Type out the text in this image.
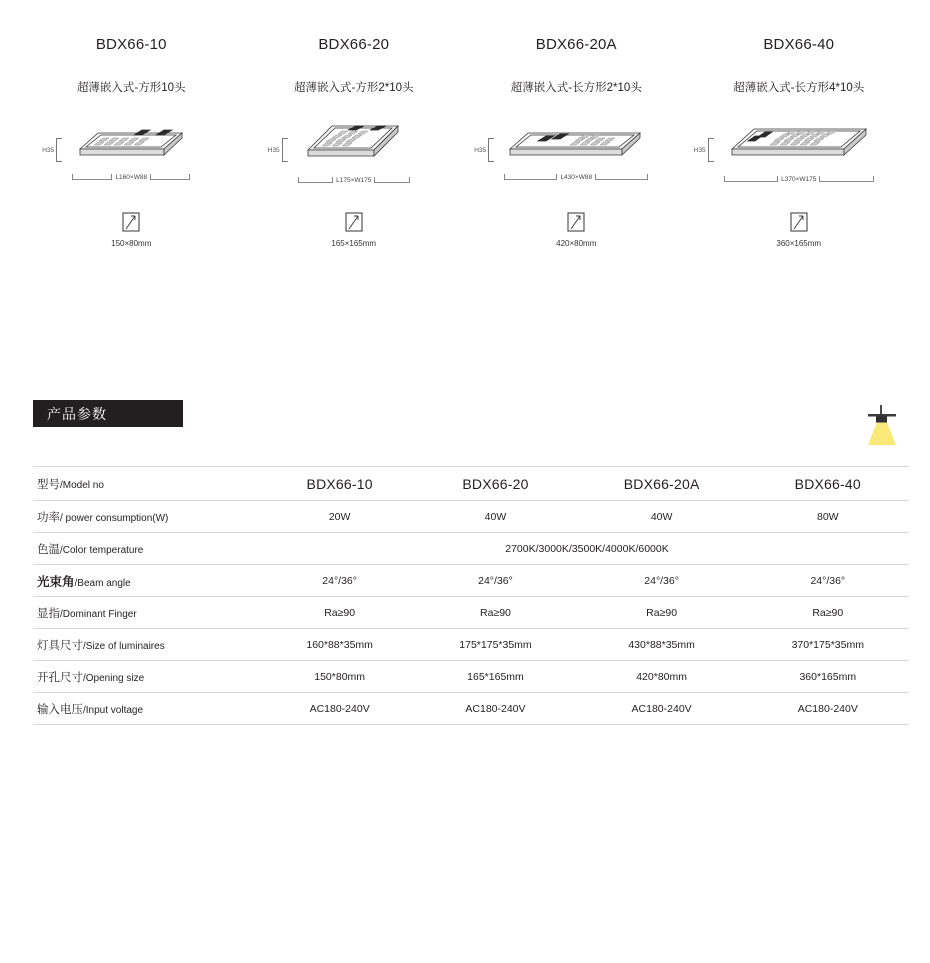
BDX66-10
超薄嵌入式-方形10头
H35
L160×W88
150×80mm
BDX66-20
超薄嵌入式-方形2*10头
H35
L175×W175
165×165mm
BDX66-20A
超薄嵌入式-长方形2*10头
H35
L430×W88
420×80mm
BDX66-40
超薄嵌入式-长方形4*10头
H35
L370×W175
360×165mm
产品参数
型号/Model no	BDX66-10	BDX66-20	BDX66-20A	BDX66-40
功率/ power consumption(W)	20W	40W	40W	80W
色温/Color temperature	2700K/3000K/3500K/4000K/6000K			
光束角/Beam angle	24°/36°	24°/36°	24°/36°	24°/36°
显指/Dominant Finger	Ra≥90	Ra≥90	Ra≥90	Ra≥90
灯具尺寸/Size of luminaires	160*88*35mm	175*175*35mm	430*88*35mm	370*175*35mm
开孔尺寸/Opening size	150*80mm	165*165mm	420*80mm	360*165mm
输入电压/Input voltage	AC180-240V	AC180-240V	AC180-240V	AC180-240V
